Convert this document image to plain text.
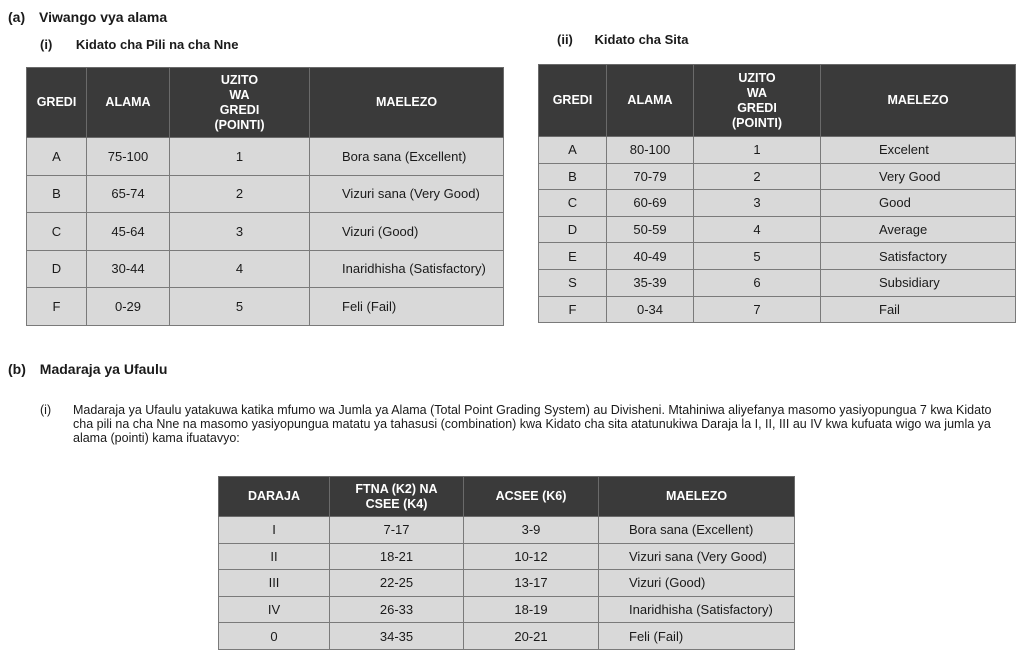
(a) Viwango vya alama
(i) Kidato cha Pili na cha Nne	(ii) Kidato cha Sita
GREDI	ALAMA	UZITO
WA
GREDI
(POINTI)	MAELEZO
A	75-100	1	Bora sana (Excellent)
B	65-74	2	Vizuri sana (Very Good)
C	45-64	3	Vizuri (Good)
D	30-44	4	Inaridhisha (Satisfactory)
F	0-29	5	Feli (Fail)
GREDI	ALAMA	UZITO
WA
GREDI
(POINTI)	MAELEZO
A	80-100	1	Excelent
B	70-79	2	Very Good
C	60-69	3	Good
D	50-59	4	Average
E	40-49	5	Satisfactory
S	35-39	6	Subsidiary
F	0-34	7	Fail
(b) Madaraja ya Ufaulu
(i) Madaraja ya Ufaulu yatakuwa katika mfumo wa Jumla ya Alama (Total Point Grading System) au Divisheni. Mtahiniwa aliyefanya masomo yasiyopungua 7 kwa Kidato
cha pili na cha Nne na masomo yasiyopungua matatu ya tahasusi (combination) kwa Kidato cha sita atatunukiwa Daraja la I, II, III au IV kwa kufuata wigo wa jumla ya
alama (pointi) kama ifuatavyo:
DARAJA	FTNA (K2) NA
CSEE (K4)	ACSEE (K6)	MAELEZO
I	7-17	3-9	Bora sana (Excellent)
II	18-21	10-12	Vizuri sana (Very Good)
III	22-25	13-17	Vizuri (Good)
IV	26-33	18-19	Inaridhisha (Satisfactory)
0	34-35	20-21	Feli (Fail)
